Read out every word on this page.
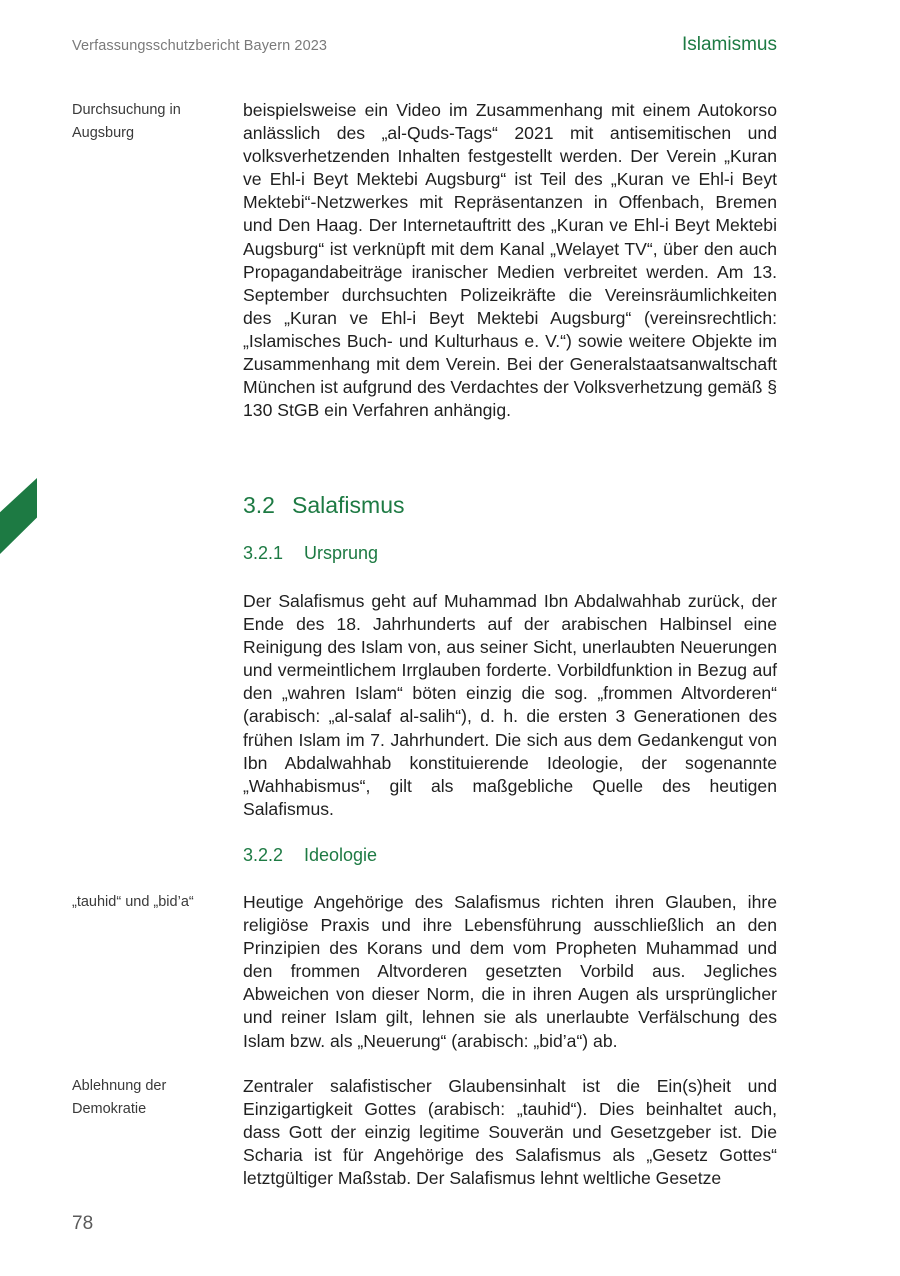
Verfassungsschutzbericht Bayern 2023	Islamismus
Durchsuchung in Augsburg
beispielsweise ein Video im Zusammenhang mit einem Autokorso anlässlich des „al-Quds-Tags“ 2021 mit antisemitischen und volksverhetzenden Inhalten festgestellt werden. Der Verein „Kuran ve Ehl-i Beyt Mektebi Augsburg“ ist Teil des „Kuran ve Ehl-i Beyt Mektebi“-Netzwerkes mit Repräsentanzen in Offenbach, Bremen und Den Haag. Der Internetauftritt des „Kuran ve Ehl-i Beyt Mektebi Augsburg“ ist verknüpft mit dem Kanal „Welayet TV“, über den auch Propagandabeiträge iranischer Medien verbreitet werden. Am 13. September durchsuchten Polizeikräfte die Vereinsräumlichkeiten des „Kuran ve Ehl-i Beyt Mektebi Augsburg“ (vereinsrechtlich: „Islamisches Buch- und Kulturhaus e. V.“) sowie weitere Objekte im Zusammenhang mit dem Verein. Bei der Generalstaatsanwaltschaft München ist aufgrund des Verdachtes der Volksverhetzung gemäß § 130 StGB ein Verfahren anhängig.
3.2 Salafismus
3.2.1 Ursprung
Der Salafismus geht auf Muhammad Ibn Abdalwahhab zurück, der Ende des 18. Jahrhunderts auf der arabischen Halbinsel eine Reinigung des Islam von, aus seiner Sicht, unerlaubten Neuerungen und vermeintlichem Irrglauben forderte. Vorbildfunktion in Bezug auf den „wahren Islam“ böten einzig die sog. „frommen Altvorderen“ (arabisch: „al-salaf al-salih“), d. h. die ersten 3 Generationen des frühen Islam im 7. Jahrhundert. Die sich aus dem Gedankengut von Ibn Abdalwahhab konstituierende Ideologie, der sogenannte „Wahhabismus“, gilt als maßgebliche Quelle des heutigen Salafismus.
3.2.2 Ideologie
„tauhid“ und „bid’a“	Heutige Angehörige des Salafismus richten ihren Glauben, ihre religiöse Praxis und ihre Lebensführung ausschließlich an den Prinzipien des Korans und dem vom Propheten Muhammad und den frommen Altvorderen gesetzten Vorbild aus. Jegliches Abweichen von dieser Norm, die in ihren Augen als ursprünglicher und reiner Islam gilt, lehnen sie als unerlaubte Verfälschung des Islam bzw. als „Neuerung“ (arabisch: „bid’a“) ab.
Ablehnung der Demokratie
Zentraler salafistischer Glaubensinhalt ist die Ein(s)heit und Einzigartigkeit Gottes (arabisch: „tauhid“). Dies beinhaltet auch, dass Gott der einzig legitime Souverän und Gesetzgeber ist. Die Scharia ist für Angehörige des Salafismus als „Gesetz Gottes“ letztgültiger Maßstab. Der Salafismus lehnt weltliche Gesetze
78
